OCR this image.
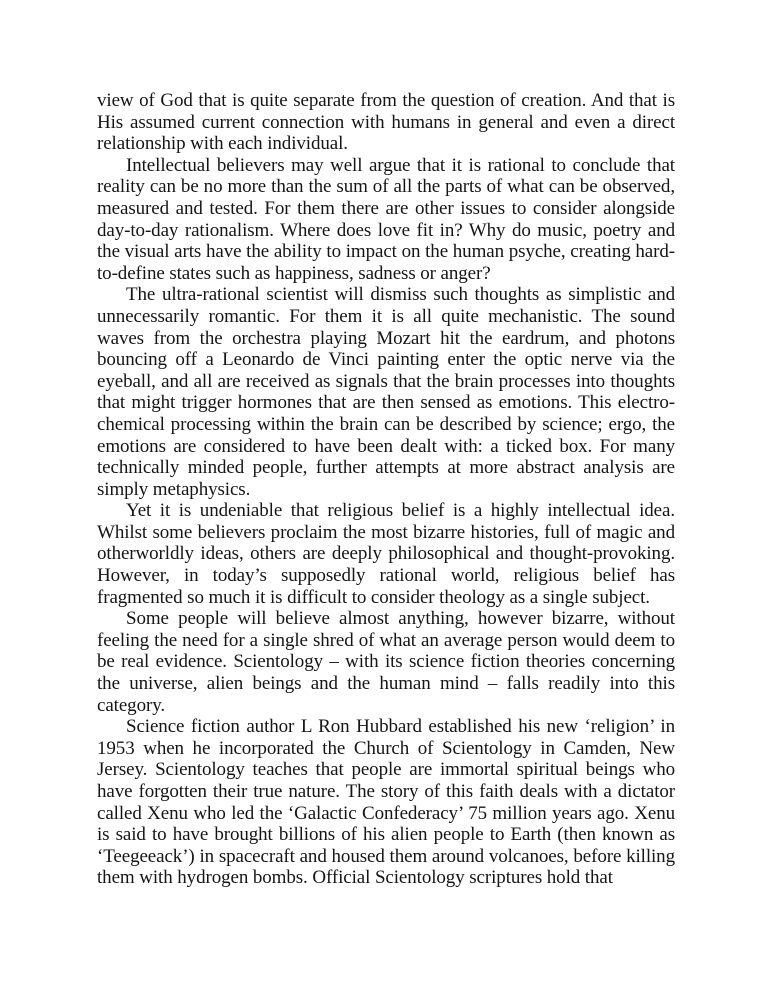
view of God that is quite separate from the question of creation. And that is His assumed current connection with humans in general and even a direct relationship with each individual.

Intellectual believers may well argue that it is rational to conclude that reality can be no more than the sum of all the parts of what can be observed, measured and tested. For them there are other issues to consider alongside day-to-day rationalism. Where does love fit in? Why do music, poetry and the visual arts have the ability to impact on the human psyche, creating hard-to-define states such as happiness, sadness or anger?

The ultra-rational scientist will dismiss such thoughts as simplistic and unnecessarily romantic. For them it is all quite mechanistic. The sound waves from the orchestra playing Mozart hit the eardrum, and photons bouncing off a Leonardo de Vinci painting enter the optic nerve via the eyeball, and all are received as signals that the brain processes into thoughts that might trigger hormones that are then sensed as emotions. This electro-chemical processing within the brain can be described by science; ergo, the emotions are considered to have been dealt with: a ticked box. For many technically minded people, further attempts at more abstract analysis are simply metaphysics.

Yet it is undeniable that religious belief is a highly intellectual idea. Whilst some believers proclaim the most bizarre histories, full of magic and otherworldly ideas, others are deeply philosophical and thought-provoking. However, in today’s supposedly rational world, religious belief has fragmented so much it is difficult to consider theology as a single subject.

Some people will believe almost anything, however bizarre, without feeling the need for a single shred of what an average person would deem to be real evidence. Scientology – with its science fiction theories concerning the universe, alien beings and the human mind – falls readily into this category.

Science fiction author L Ron Hubbard established his new ‘religion’ in 1953 when he incorporated the Church of Scientology in Camden, New Jersey. Scientology teaches that people are immortal spiritual beings who have forgotten their true nature. The story of this faith deals with a dictator called Xenu who led the ‘Galactic Confederacy’ 75 million years ago. Xenu is said to have brought billions of his alien people to Earth (then known as ‘Teegeeack’) in spacecraft and housed them around volcanoes, before killing them with hydrogen bombs. Official Scientology scriptures hold that
